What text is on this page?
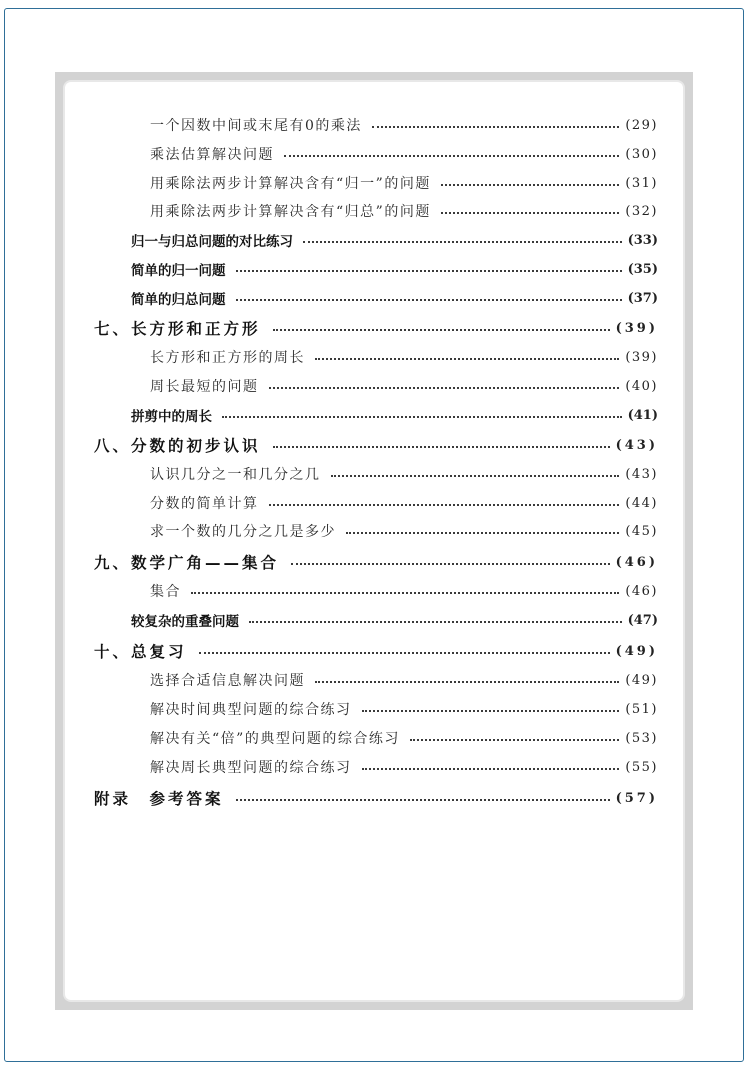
一个因数中间或末尾有0的乘法	(29)
乘法估算解决问题	(30)
用乘除法两步计算解决含有“归一”的问题	(31)
用乘除法两步计算解决含有“归总”的问题	(32)
归一与归总问题的对比练习	(33)
简单的归一问题	(35)
简单的归总问题	(37)
七、长方形和正方形	(39)
长方形和正方形的周长	(39)
周长最短的问题	(40)
拼剪中的周长	(41)
八、分数的初步认识	(43)
认识几分之一和几分之几	(43)
分数的简单计算	(44)
求一个数的几分之几是多少	(45)
九、数学广角——集合	(46)
集合	(46)
较复杂的重叠问题	(47)
十、总复习	(49)
选择合适信息解决问题	(49)
解决时间典型问题的综合练习	(51)
解决有关“倍”的典型问题的综合练习	(53)
解决周长典型问题的综合练习	(55)
附录　参考答案	(57)
